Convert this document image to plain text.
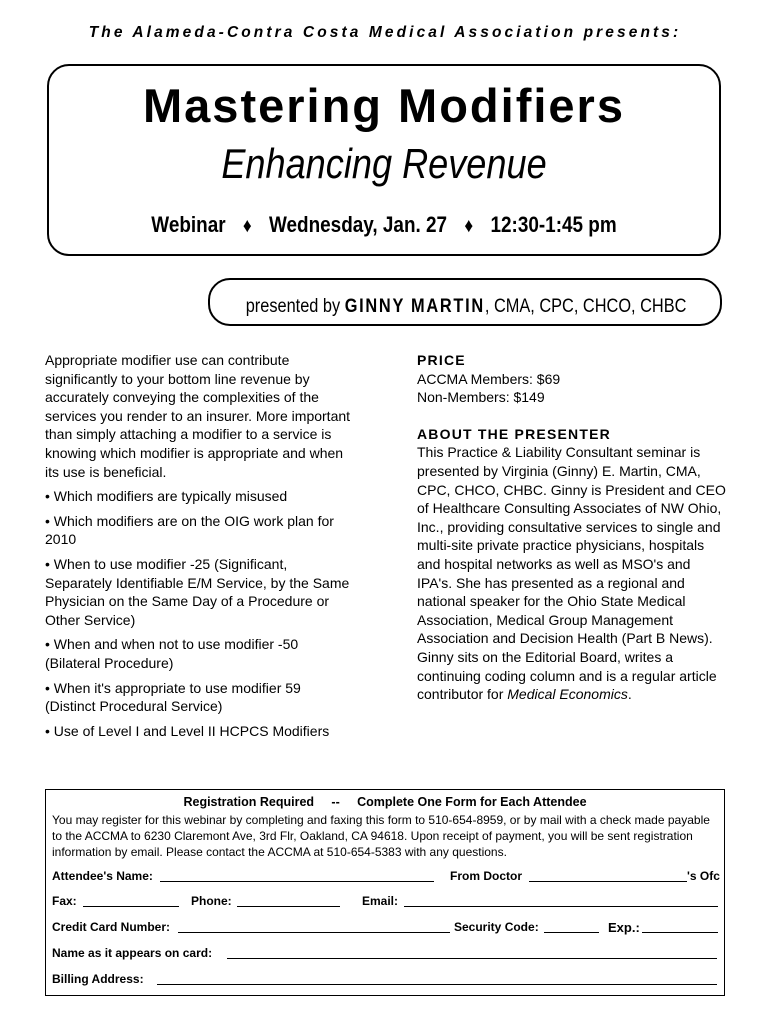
The Alameda-Contra Costa Medical Association presents:
Mastering Modifiers
Enhancing Revenue
Webinar ♦ Wednesday, Jan. 27 ♦ 12:30-1:45 pm
presented by GINNY MARTIN, CMA, CPC, CHCO, CHBC

Appropriate modifier use can contribute significantly to your bottom line revenue by accurately conveying the complexities of the services you render to an insurer. More important than simply attaching a modifier to a service is knowing which modifier is appropriate and when its use is beneficial.

• Which modifiers are typically misused

• Which modifiers are on the OIG work plan for 2010

• When to use modifier -25 (Significant, Separately Identifiable E/M Service, by the Same Physician on the Same Day of a Procedure or Other Service)

• When and when not to use modifier -50 (Bilateral Procedure)

• When it's appropriate to use modifier 59 (Distinct Procedural Service)

• Use of Level I and Level II HCPCS Modifiers

PRICE
ACCMA Members: $69
Non-Members: $149
ABOUT THE PRESENTER
This Practice & Liability Consultant seminar is presented by Virginia (Ginny) E. Martin, CMA, CPC, CHCO, CHBC. Ginny is President and CEO of Healthcare Consulting Associates of NW Ohio, Inc., providing consultative services to single and multi-site private practice physicians, hospitals and hospital networks as well as MSO's and IPA's. She has presented as a regional and national speaker for the Ohio State Medical Association, Medical Group Management Association and Decision Health (Part B News). Ginny sits on the Editorial Board, writes a continuing coding column and is a regular article contributor for Medical Economics.
Registration Required     --     Complete One Form for Each Attendee
You may register for this webinar by completing and faxing this form to 510-654-8959, or by mail with a check made payable to the ACCMA to 6230 Claremont Ave, 3rd Flr, Oakland, CA 94618. Upon receipt of payment, you will be sent registration information by email. Please contact the ACCMA at 510-654-5383 with any questions.
Attendee's Name:	From Doctor	's Ofc
Fax:	Phone:	Email:
Credit Card Number:	Security Code:	Exp.:
Name as it appears on card:
Billing Address:
